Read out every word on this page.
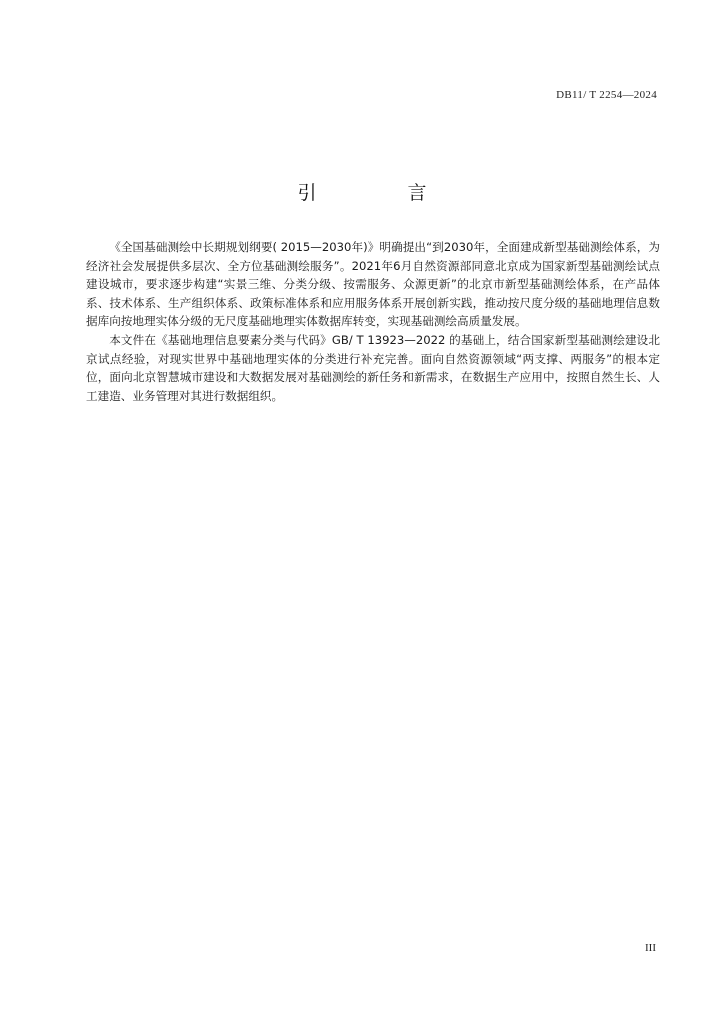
DB11/ T 2254—2024
引　言

《全国基础测绘中长期规划纲要( 2015—2030年)》明确提出“到2030年，全面建成新型基础测绘体系，为经济社会发展提供多层次、全方位基础测绘服务”。2021年6月自然资源部同意北京成为国家新型基础测绘试点建设城市，要求逐步构建“实景三维、分类分级、按需服务、众源更新”的北京市新型基础测绘体系，在产品体系、技术体系、生产组织体系、政策标准体系和应用服务体系开展创新实践，推动按尺度分级的基础地理信息数据库向按地理实体分级的无尺度基础地理实体数据库转变，实现基础测绘高质量发展。

本文件在《基础地理信息要素分类与代码》GB/ T 13923—2022 的基础上，结合国家新型基础测绘建设北京试点经验，对现实世界中基础地理实体的分类进行补充完善。面向自然资源领域“两支撑、两服务”的根本定位，面向北京智慧城市建设和大数据发展对基础测绘的新任务和新需求，在数据生产应用中，按照自然生长、人工建造、业务管理对其进行数据组织。

III
